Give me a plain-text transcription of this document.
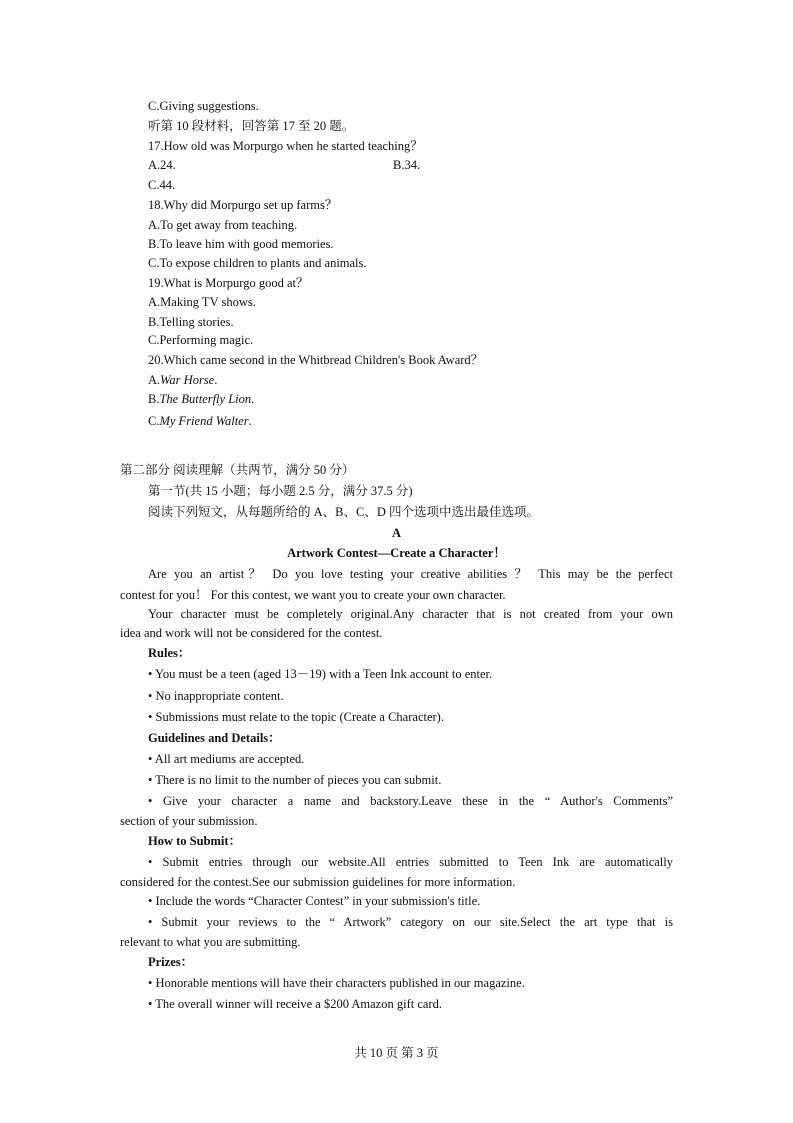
C.Giving suggestions.
听第 10 段材料，回答第 17 至 20 题。
17.How old was Morpurgo when he started teaching？
A.24.	B.34.
C.44.
18.Why did Morpurgo set up farms？
A.To get away from teaching.
B.To leave him with good memories.
C.To expose children to plants and animals.
19.What is Morpurgo good at？
A.Making TV shows.
B.Telling stories.
C.Performing magic.
20.Which came second in the Whitbread Children's Book Award？
A.War Horse.
B.The Butterfly Lion.
C.My Friend Walter.
第二部分 阅读理解（共两节，满分 50 分）
第一节(共 15 小题；每小题 2.5 分，满分 37.5 分)
阅读下列短文，从每题所给的 A、B、C、D 四个选项中选出最佳选项。
A
Artwork Contest—Create a Character！
Are you an artist？ Do you love testing your creative abilities ？ This may be the perfect
contest for you！ For this contest, we want you to create your own character.
Your character must be completely original.Any character that is not created from your own
idea and work will not be considered for the contest.
Rules：
• You must be a teen (aged 13－19) with a Teen Ink account to enter.
• No inappropriate content.
• Submissions must relate to the topic (Create a Character).
Guidelines and Details：
• All art mediums are accepted.
• There is no limit to the number of pieces you can submit.
• Give your character a name and backstory.Leave these in the “ Author's Comments”
section of your submission.
How to Submit：
• Submit entries through our website.All entries submitted to Teen Ink are automatically
considered for the contest.See our submission guidelines for more information.
• Include the words “Character Contest” in your submission's title.
• Submit your reviews to the “ Artwork” category on our site.Select the art type that is
relevant to what you are submitting.
Prizes：
• Honorable mentions will have their characters published in our magazine.
• The overall winner will receive a $200 Amazon gift card.
共 10 页 第 3 页
